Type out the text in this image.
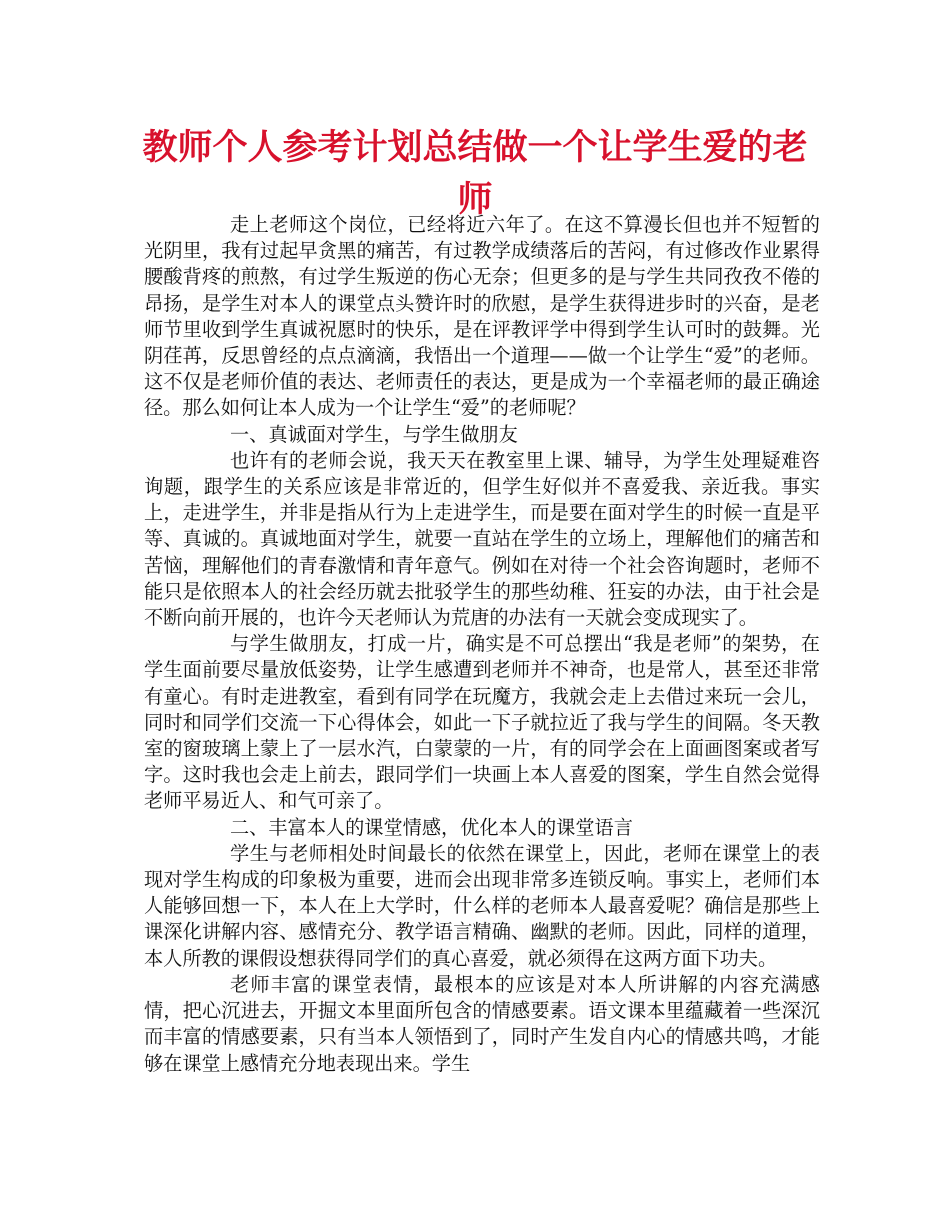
教师个人参考计划总结做一个让学生爱的老师

走上老师这个岗位，已经将近六年了。在这不算漫长但也并不短暂的光阴里，我有过起早贪黑的痛苦，有过教学成绩落后的苦闷，有过修改作业累得腰酸背疼的煎熬，有过学生叛逆的伤心无奈；但更多的是与学生共同孜孜不倦的昂扬，是学生对本人的课堂点头赞许时的欣慰，是学生获得进步时的兴奋，是老师节里收到学生真诚祝愿时的快乐，是在评教评学中得到学生认可时的鼓舞。光阴荏苒，反思曾经的点点滴滴，我悟出一个道理——做一个让学生“爱”的老师。这不仅是老师价值的表达、老师责任的表达，更是成为一个幸福老师的最正确途径。那么如何让本人成为一个让学生“爱”的老师呢？

一、真诚面对学生，与学生做朋友

也许有的老师会说，我天天在教室里上课、辅导，为学生处理疑难咨询题，跟学生的关系应该是非常近的，但学生好似并不喜爱我、亲近我。事实上，走进学生，并非是指从行为上走进学生，而是要在面对学生的时候一直是平等、真诚的。真诚地面对学生，就要一直站在学生的立场上，理解他们的痛苦和苦恼，理解他们的青春激情和青年意气。例如在对待一个社会咨询题时，老师不能只是依照本人的社会经历就去批驳学生的那些幼稚、狂妄的办法，由于社会是不断向前开展的，也许今天老师认为荒唐的办法有一天就会变成现实了。

与学生做朋友，打成一片，确实是不可总摆出“我是老师”的架势，在学生面前要尽量放低姿势，让学生感遭到老师并不神奇，也是常人，甚至还非常有童心。有时走进教室，看到有同学在玩魔方，我就会走上去借过来玩一会儿，同时和同学们交流一下心得体会，如此一下子就拉近了我与学生的间隔。冬天教室的窗玻璃上蒙上了一层水汽，白蒙蒙的一片，有的同学会在上面画图案或者写字。这时我也会走上前去，跟同学们一块画上本人喜爱的图案，学生自然会觉得老师平易近人、和气可亲了。

二、丰富本人的课堂情感，优化本人的课堂语言

学生与老师相处时间最长的依然在课堂上，因此，老师在课堂上的表现对学生构成的印象极为重要，进而会出现非常多连锁反响。事实上，老师们本人能够回想一下，本人在上大学时，什么样的老师本人最喜爱呢？确信是那些上课深化讲解内容、感情充分、教学语言精确、幽默的老师。因此，同样的道理，本人所教的课假设想获得同学们的真心喜爱，就必须得在这两方面下功夫。

老师丰富的课堂表情，最根本的应该是对本人所讲解的内容充满感情，把心沉进去，开掘文本里面所包含的情感要素。语文课本里蕴藏着一些深沉而丰富的情感要素，只有当本人领悟到了，同时产生发自内心的情感共鸣，才能够在课堂上感情充分地表现出来。学生
